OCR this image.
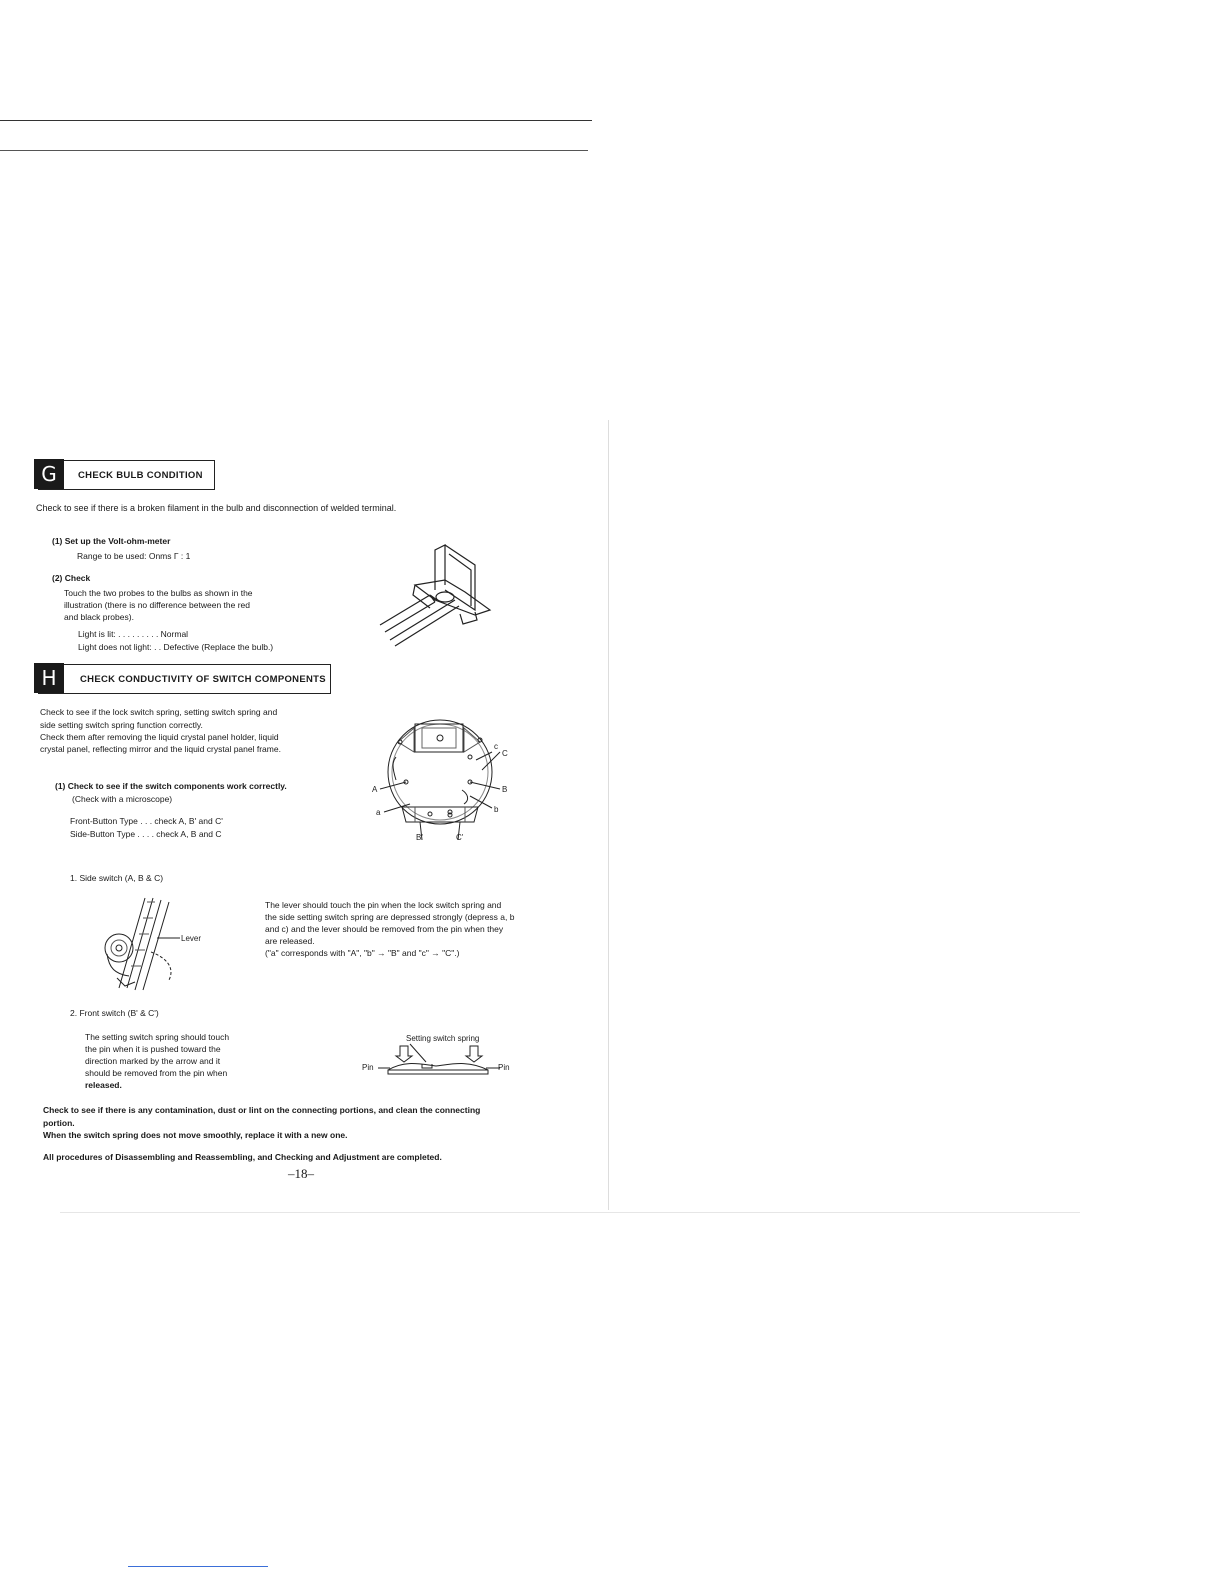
G	CHECK BULB CONDITION
Check to see if there is a broken filament in the bulb and disconnection of welded terminal.
(1) Set up the Volt-ohm-meter
Range to be used: Onms Γ : 1
(2) Check
Touch the two probes to the bulbs as shown in the
illustration (there is no difference between the red
and black probes).
Light is lit: . . . . . . . . . Normal
Light does not light: . . Defective (Replace the bulb.)
H	CHECK CONDUCTIVITY OF SWITCH COMPONENTS
Check to see if the lock switch spring, setting switch spring and
side setting switch spring function correctly.
Check them after removing the liquid crystal panel holder, liquid
crystal panel, reflecting mirror and the liquid crystal panel frame.
(1) Check to see if the switch components work correctly.
(Check with a microscope)
Front-Button Type . . . check A, B' and C'
Side-Button Type . . . . check A, B and C
A
a
B
b
c
C
B'	C'
1. Side switch (A, B & C)
Lever
The lever should touch the pin when the lock switch spring and
the side setting switch spring are depressed strongly (depress a, b
and c) and the lever should be removed from the pin when they
are released.
("a" corresponds with "A", "b" → "B" and "c" → "C".)
2. Front switch (B' & C')
The setting switch spring should touch
the pin when it is pushed toward the
direction marked by the arrow and it
should be removed from the pin when
released.
Setting switch spring
Pin	Pin
Check to see if there is any contamination, dust or lint on the connecting portions, and clean the connecting
portion.
When the switch spring does not move smoothly, replace it with a new one.
All procedures of Disassembling and Reassembling, and Checking and Adjustment are completed.
–18–
